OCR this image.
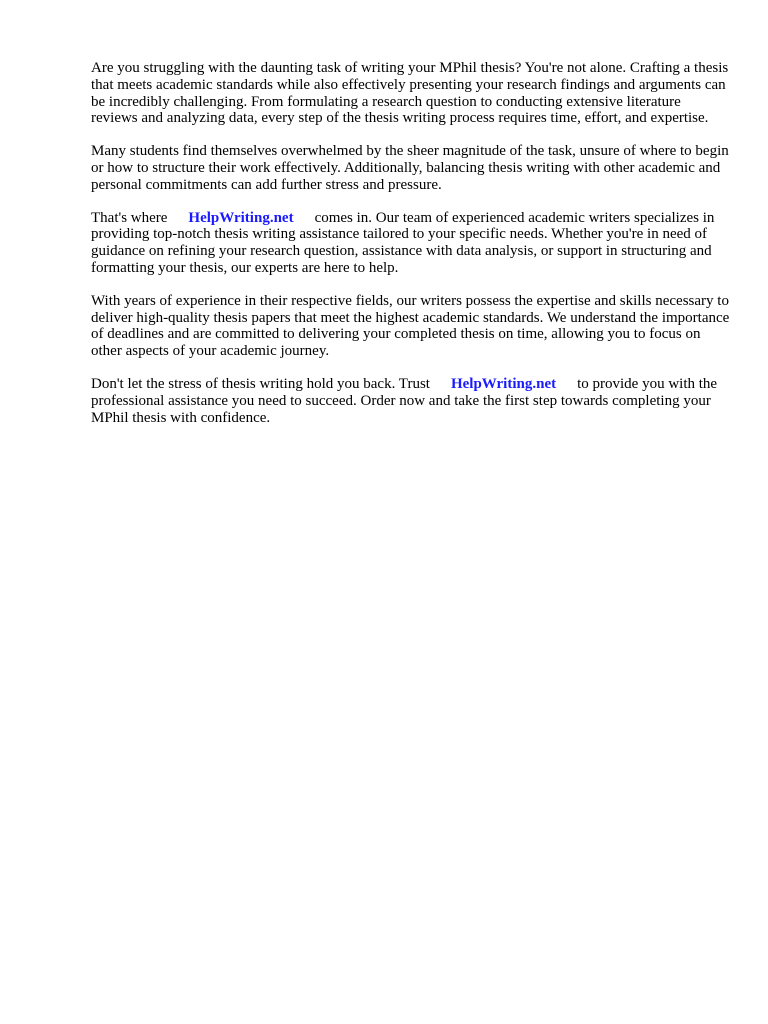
Are you struggling with the daunting task of writing your MPhil thesis? You're not alone. Crafting a thesis that meets academic standards while also effectively presenting your research findings and arguments can be incredibly challenging. From formulating a research question to conducting extensive literature reviews and analyzing data, every step of the thesis writing process requires time, effort, and expertise.

Many students find themselves overwhelmed by the sheer magnitude of the task, unsure of where to begin or how to structure their work effectively. Additionally, balancing thesis writing with other academic and personal commitments can add further stress and pressure.

That's where HelpWriting.net comes in. Our team of experienced academic writers specializes in providing top-notch thesis writing assistance tailored to your specific needs. Whether you're in need of guidance on refining your research question, assistance with data analysis, or support in structuring and formatting your thesis, our experts are here to help.

With years of experience in their respective fields, our writers possess the expertise and skills necessary to deliver high-quality thesis papers that meet the highest academic standards. We understand the importance of deadlines and are committed to delivering your completed thesis on time, allowing you to focus on other aspects of your academic journey.

Don't let the stress of thesis writing hold you back. Trust HelpWriting.net to provide you with the professional assistance you need to succeed. Order now and take the first step towards completing your MPhil thesis with confidence.
